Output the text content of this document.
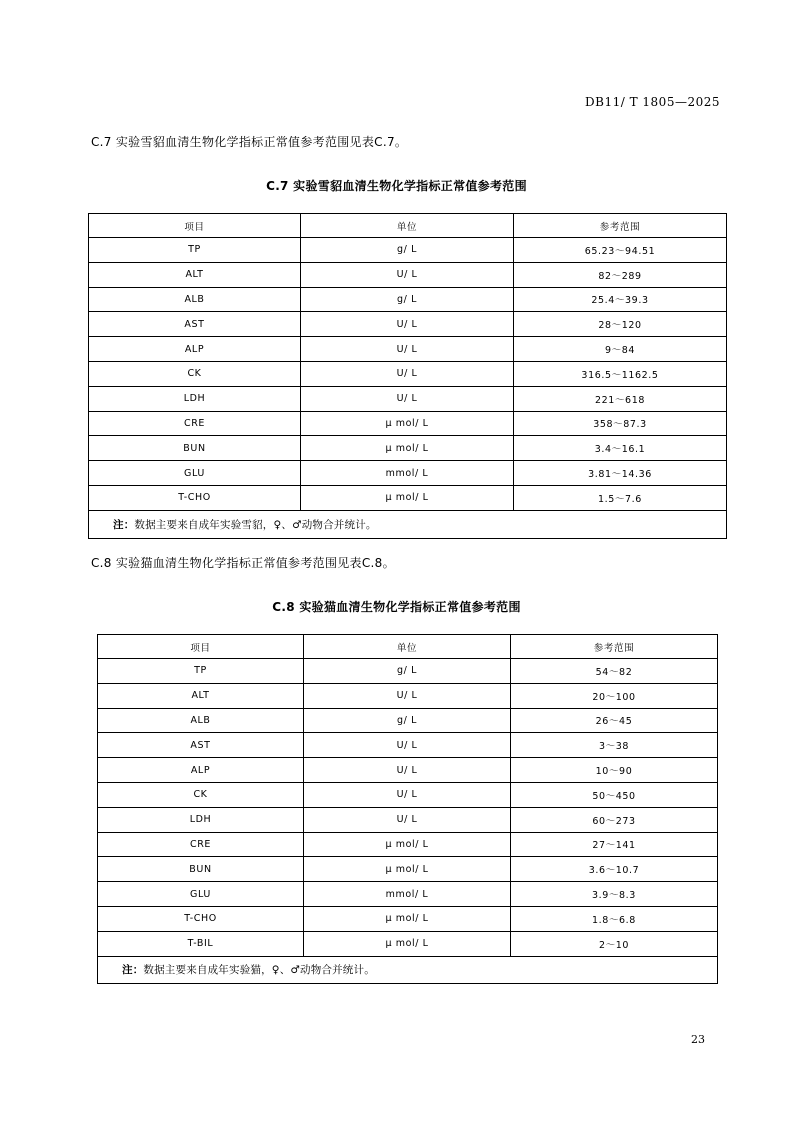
DB11/ T 1805—2025
C.7 实验雪貂血清生物化学指标正常值参考范围见表C.7。
C.7 实验雪貂血清生物化学指标正常值参考范围
项目	单位	参考范围
TP	g/ L	65.23～94.51
ALT	U/ L	82～289
ALB	g/ L	25.4～39.3
AST	U/ L	28～120
ALP	U/ L	9～84
CK	U/ L	316.5～1162.5
LDH	U/ L	221～618
CRE	μ mol/ L	358～87.3
BUN	μ mol/ L	3.4～16.1
GLU	mmol/ L	3.81～14.36
T-CHO	μ mol/ L	1.5～7.6
注：数据主要来自成年实验雪貂，♀、♂动物合并统计。		
C.8 实验猫血清生物化学指标正常值参考范围见表C.8。
C.8 实验猫血清生物化学指标正常值参考范围
项目	单位	参考范围
TP	g/ L	54～82
ALT	U/ L	20～100
ALB	g/ L	26～45
AST	U/ L	3～38
ALP	U/ L	10～90
CK	U/ L	50～450
LDH	U/ L	60～273
CRE	μ mol/ L	27～141
BUN	μ mol/ L	3.6～10.7
GLU	mmol/ L	3.9～8.3
T-CHO	μ mol/ L	1.8～6.8
T-BIL	μ mol/ L	2～10
注：数据主要来自成年实验猫，♀、♂动物合并统计。		
23
